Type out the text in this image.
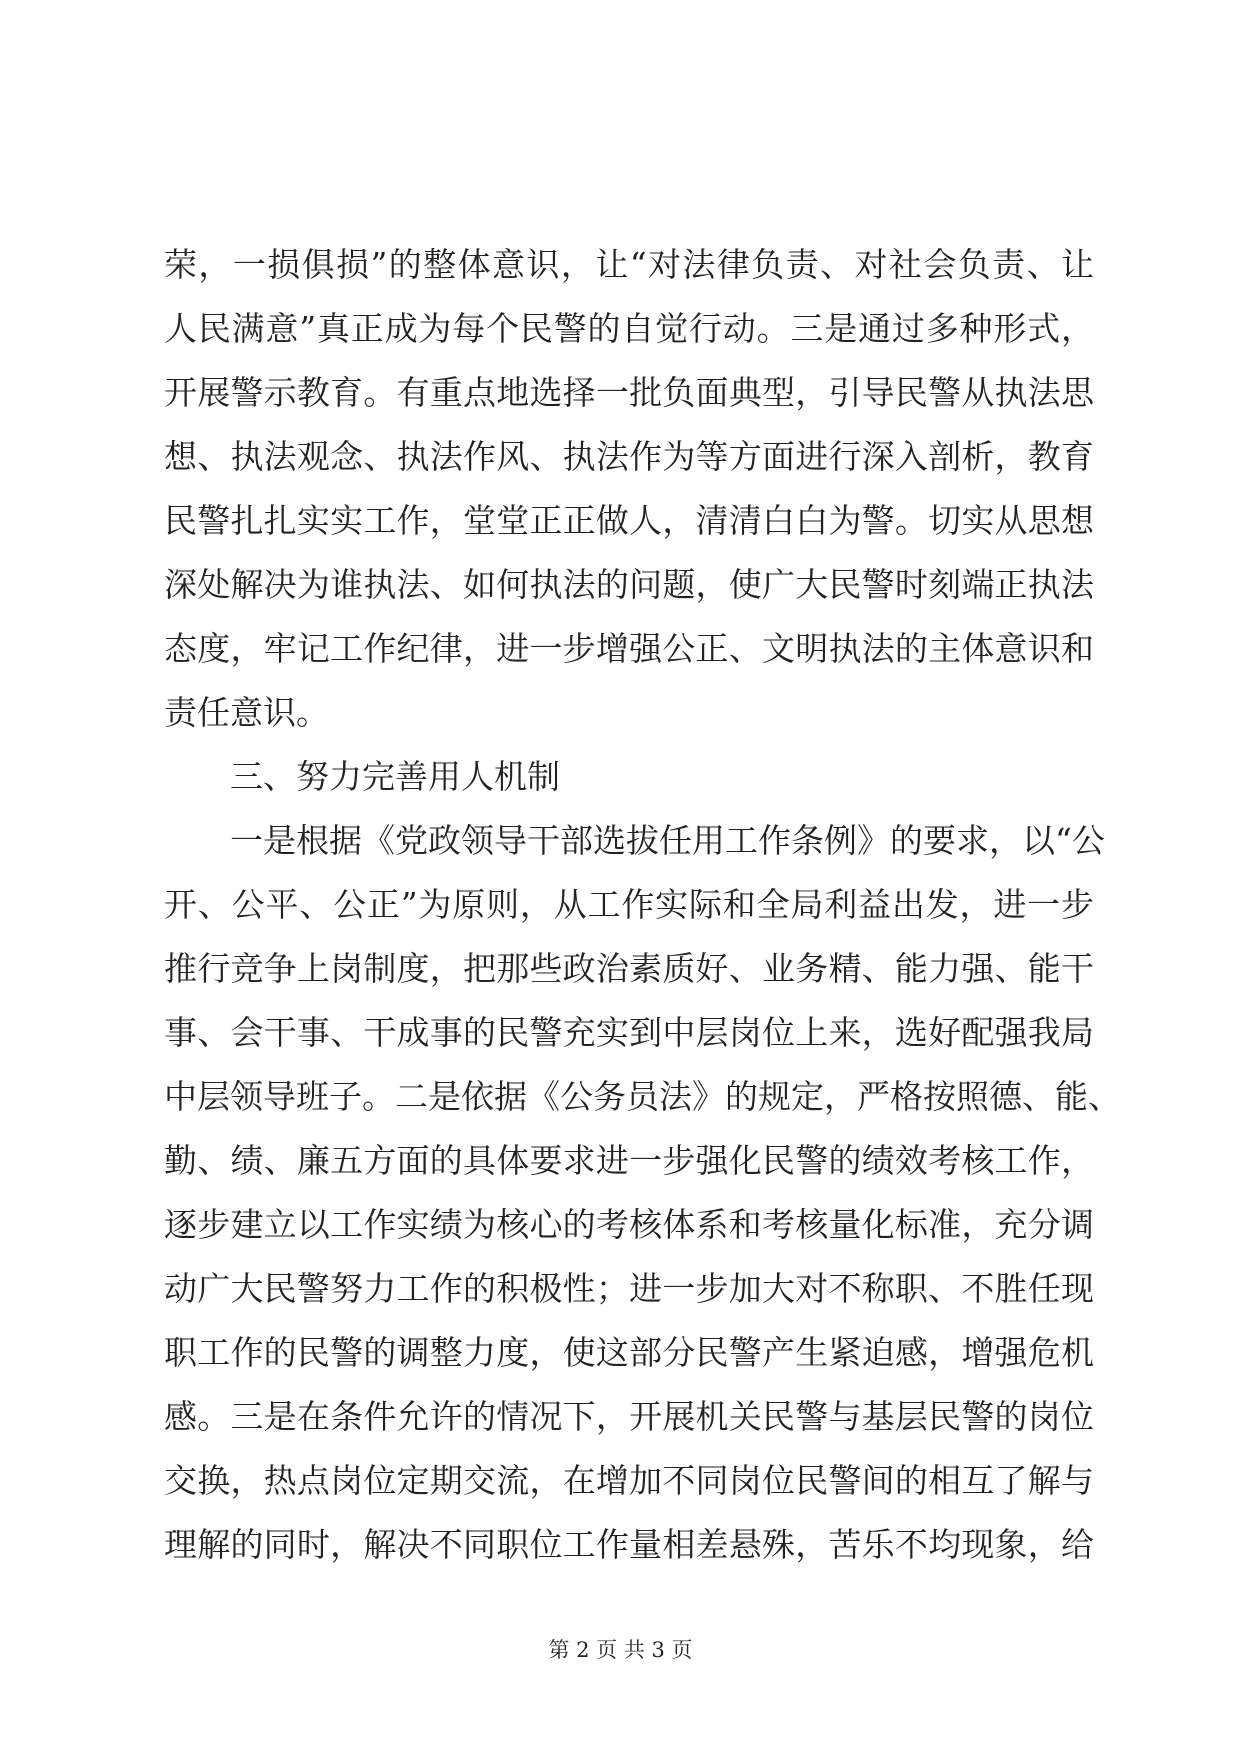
荣，一损俱损”的整体意识，让“对法律负责、对社会负责、让
人民满意”真正成为每个民警的自觉行动。三是通过多种形式，
开展警示教育。有重点地选择一批负面典型，引导民警从执法思
想、执法观念、执法作风、执法作为等方面进行深入剖析，教育
民警扎扎实实工作，堂堂正正做人，清清白白为警。切实从思想
深处解决为谁执法、如何执法的问题，使广大民警时刻端正执法
态度，牢记工作纪律，进一步增强公正、文明执法的主体意识和
责任意识。
三、努力完善用人机制
一是根据《党政领导干部选拔任用工作条例》的要求，以“公
开、公平、公正”为原则，从工作实际和全局利益出发，进一步
推行竞争上岗制度，把那些政治素质好、业务精、能力强、能干
事、会干事、干成事的民警充实到中层岗位上来，选好配强我局
中层领导班子。二是依据《公务员法》的规定，严格按照德、能、
勤、绩、廉五方面的具体要求进一步强化民警的绩效考核工作，
逐步建立以工作实绩为核心的考核体系和考核量化标准，充分调
动广大民警努力工作的积极性；进一步加大对不称职、不胜任现
职工作的民警的调整力度，使这部分民警产生紧迫感，增强危机
感。三是在条件允许的情况下，开展机关民警与基层民警的岗位
交换，热点岗位定期交流，在增加不同岗位民警间的相互了解与
理解的同时，解决不同职位工作量相差悬殊，苦乐不均现象，给
第 2 页 共 3 页
